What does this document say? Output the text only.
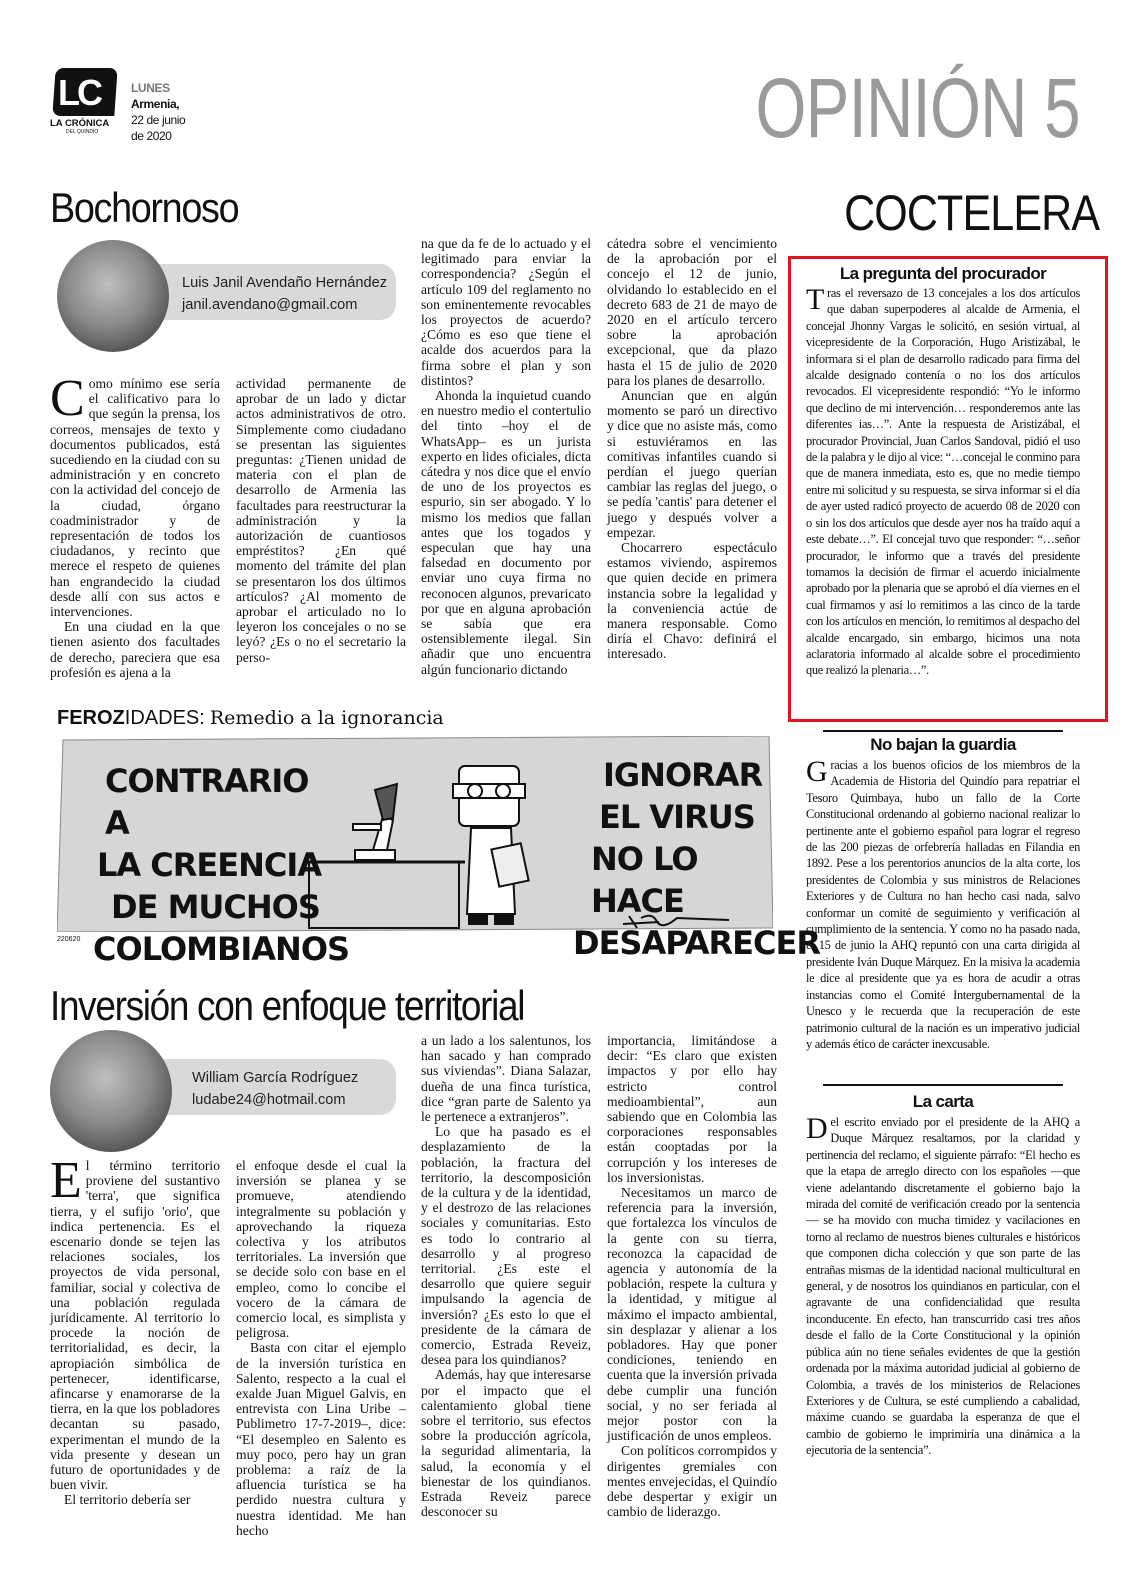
LC
LA CRÓNICA
DEL QUINDÍO
LUNES
Armenia,
22 de junio
de 2020	OPINIÓN 5
Bochornoso
Luis Janil Avendaño Hernández
janil.avendano@gmail.com

Como mínimo ese sería el calificativo para lo que según la prensa, los correos, mensajes de texto y documentos publicados, está sucediendo en la ciudad con su administración y en concreto con la actividad del concejo de la ciudad, órgano coadministrador y de representación de todos los ciudadanos, y recinto que merece el respeto de quienes han engrandecido la ciudad desde allí con sus actos e intervenciones.

En una ciudad en la que tienen asiento dos facultades de derecho, pareciera que esa profesión es ajena a la

actividad permanente de aprobar de un lado y dictar actos administrativos de otro. Simplemente como ciudadano se presentan las siguientes preguntas: ¿Tienen unidad de materia con el plan de desarrollo de Armenia las facultades para reestructurar la administración y la autorización de cuantiosos empréstitos? ¿En qué momento del trámite del plan se presentaron los dos últimos artículos? ¿Al momento de aprobar el articulado no lo leyeron los concejales o no se leyó? ¿Es o no el secretario la perso-

na que da fe de lo actuado y el legitimado para enviar la correspondencia? ¿Según el artículo 109 del reglamento no son eminentemente revocables los proyectos de acuerdo? ¿Cómo es eso que tiene el acalde dos acuerdos para la firma sobre el plan y son distintos?

Ahonda la inquietud cuando en nuestro medio el contertulio del tinto –hoy el de WhatsApp– es un jurista experto en lides oficiales, dicta cátedra y nos dice que el envío de uno de los proyectos es espurio, sin ser abogado. Y lo mismo los medios que fallan antes que los togados y especulan que hay una falsedad en documento por enviar uno cuya firma no reconocen algunos, prevaricato por que en alguna aprobación se sabía que era ostensiblemente ilegal. Sin añadir que uno encuentra algún funcionario dictando

cátedra sobre el vencimiento de la aprobación por el concejo el 12 de junio, olvidando lo establecido en el decreto 683 de 21 de mayo de 2020 en el artículo tercero sobre la aprobación excepcional, que da plazo hasta el 15 de julio de 2020 para los planes de desarrollo.

Anuncian que en algún momento se paró un directivo y dice que no asiste más, como si estuviéramos en las comitivas infantiles cuando si perdían el juego querían cambiar las reglas del juego, o se pedía 'cantis' para detener el juego y después volver a empezar.

Chocarrero espectáculo estamos viviendo, aspiremos que quien decide en primera instancia sobre la legalidad y la conveniencia actúe de manera responsable. Como diría el Chavo: definirá el interesado.

FEROZIDADES: Remedio a la ignorancia
CONTRARIO A
LA CREENCIA
DE MUCHOS
COLOMBIANOS
IGNORAR
EL VIRUS
NO LO HACE
DESAPARECER
220620
Inversión con enfoque territorial
William García Rodríguez
ludabe24@hotmail.com

El término territorio proviene del sustantivo 'terra', que significa tierra, y el sufijo 'orio', que indica pertenencia. Es el escenario donde se tejen las relaciones sociales, los proyectos de vida personal, familiar, social y colectiva de una población regulada jurídicamente. Al territorio lo procede la noción de territorialidad, es decir, la apropiación simbólica de pertenecer, identificarse, afincarse y enamorarse de la tierra, en la que los pobladores decantan su pasado, experimentan el mundo de la vida presente y desean un futuro de oportunidades y de buen vivir.

El territorio debería ser

el enfoque desde el cual la inversión se planea y se promueve, atendiendo integralmente su población y aprovechando la riqueza colectiva y los atributos territoriales. La inversión que se decide solo con base en el empleo, como lo concibe el vocero de la cámara de comercio local, es simplista y peligrosa.

Basta con citar el ejemplo de la inversión turística en Salento, respecto a la cual el exalde Juan Miguel Galvis, en entrevista con Lina Uribe –Publimetro 17-7-2019–, dice: “El desempleo en Salento es muy poco, pero hay un gran problema: a raíz de la afluencia turística se ha perdido nuestra cultura y nuestra identidad. Me han hecho

a un lado a los salentunos, los han sacado y han comprado sus viviendas”. Diana Salazar, dueña de una finca turística, dice “gran parte de Salento ya le pertenece a extranjeros”.

Lo que ha pasado es el desplazamiento de la población, la fractura del territorio, la descomposición de la cultura y de la identidad, y el destrozo de las relaciones sociales y comunitarias. Esto es todo lo contrario al desarrollo y al progreso territorial. ¿Es este el desarrollo que quiere seguir impulsando la agencia de inversión? ¿Es esto lo que el presidente de la cámara de comercio, Estrada Reveiz, desea para los quindianos?

Además, hay que interesarse por el impacto que el calentamiento global tiene sobre el territorio, sus efectos sobre la producción agrícola, la seguridad alimentaria, la salud, la economía y el bienestar de los quindianos. Estrada Reveiz parece desconocer su

importancia, limitándose a decir: “Es claro que existen impactos y por ello hay estricto control medioambiental”, aun sabiendo que en Colombia las corporaciones responsables están cooptadas por la corrupción y los intereses de los inversionistas.

Necesitamos un marco de referencia para la inversión, que fortalezca los vínculos de la gente con su tierra, reconozca la capacidad de agencia y autonomía de la población, respete la cultura y la identidad, y mitigue al máximo el impacto ambiental, sin desplazar y alienar a los pobladores. Hay que poner condiciones, teniendo en cuenta que la inversión privada debe cumplir una función social, y no ser feriada al mejor postor con la justificación de unos empleos.

Con políticos corrompidos y dirigentes gremiales con mentes envejecidas, el Quindío debe despertar y exigir un cambio de liderazgo.

COCTELERA
La pregunta del procurador
Tras el reversazo de 13 concejales a los dos artículos que daban superpoderes al alcalde de Armenia, el concejal Jhonny Vargas le solicitó, en sesión virtual, al vicepresidente de la Corporación, Hugo Aristizábal, le informara si el plan de desarrollo radicado para firma del alcalde designado contenía o no los dos artículos revocados. El vicepresidente respondió: “Yo le informo que declino de mi intervención… responderemos ante las diferentes ias…”. Ante la respuesta de Aristizábal, el procurador Provincial, Juan Carlos Sandoval, pidió el uso de la palabra y le dijo al vice: “…concejal le conmino para que de manera inmediata, esto es, que no medie tiempo entre mi solicitud y su respuesta, se sirva informar si el día de ayer usted radicó proyecto de acuerdo 08 de 2020 con o sin los dos artículos que desde ayer nos ha traído aquí a este debate…”. El concejal tuvo que responder: “…señor procurador, le informo que a través del presidente tomamos la decisión de firmar el acuerdo inicialmente aprobado por la plenaria que se aprobó el día viernes en el cual firmamos y así lo remitimos a las cinco de la tarde con los artículos en mención, lo remitimos al despacho del alcalde encargado, sin embargo, hicimos una nota aclaratoria informado al alcalde sobre el procedimiento que realizó la plenaria…”.
No bajan la guardia
Gracias a los buenos oficios de los miembros de la Academia de Historia del Quindío para repatriar el Tesoro Quimbaya, hubo un fallo de la Corte Constitucional ordenando al gobierno nacional realizar lo pertinente ante el gobierno español para lograr el regreso de las 200 piezas de orfebrería halladas en Filandia en 1892. Pese a los perentorios anuncios de la alta corte, los presidentes de Colombia y sus ministros de Relaciones Exteriores y de Cultura no han hecho casi nada, salvo conformar un comité de seguimiento y verificación al cumplimiento de la sentencia. Y como no ha pasado nada, el 15 de junio la AHQ repuntó con una carta dirigida al presidente Iván Duque Márquez. En la misiva la academia le dice al presidente que ya es hora de acudir a otras instancias como el Comité Intergubernamental de la Unesco y le recuerda que la recuperación de este patrimonio cultural de la nación es un imperativo judicial y además ético de carácter inexcusable.
La carta
Del escrito enviado por el presidente de la AHQ a Duque Márquez resaltamos, por la claridad y pertinencia del reclamo, el siguiente párrafo: “El hecho es que la etapa de arreglo directo con los españoles —que viene adelantando discretamente el gobierno bajo la mirada del comité de verificación creado por la sentencia— se ha movido con mucha timidez y vacilaciones en torno al reclamo de nuestros bienes culturales e históricos que componen dicha colección y que son parte de las entrañas mismas de la identidad nacional multicultural en general, y de nosotros los quindianos en particular, con el agravante de una confidencialidad que resulta inconducente. En efecto, han transcurrido casi tres años desde el fallo de la Corte Constitucional y la opinión pública aún no tiene señales evidentes de que la gestión ordenada por la máxima autoridad judicial al gobierno de Colombia, a través de los ministerios de Relaciones Exteriores y de Cultura, se esté cumpliendo a cabalidad, máxime cuando se guardaba la esperanza de que el cambio de gobierno le imprimiría una dinámica a la ejecutoria de la sentencia”.
